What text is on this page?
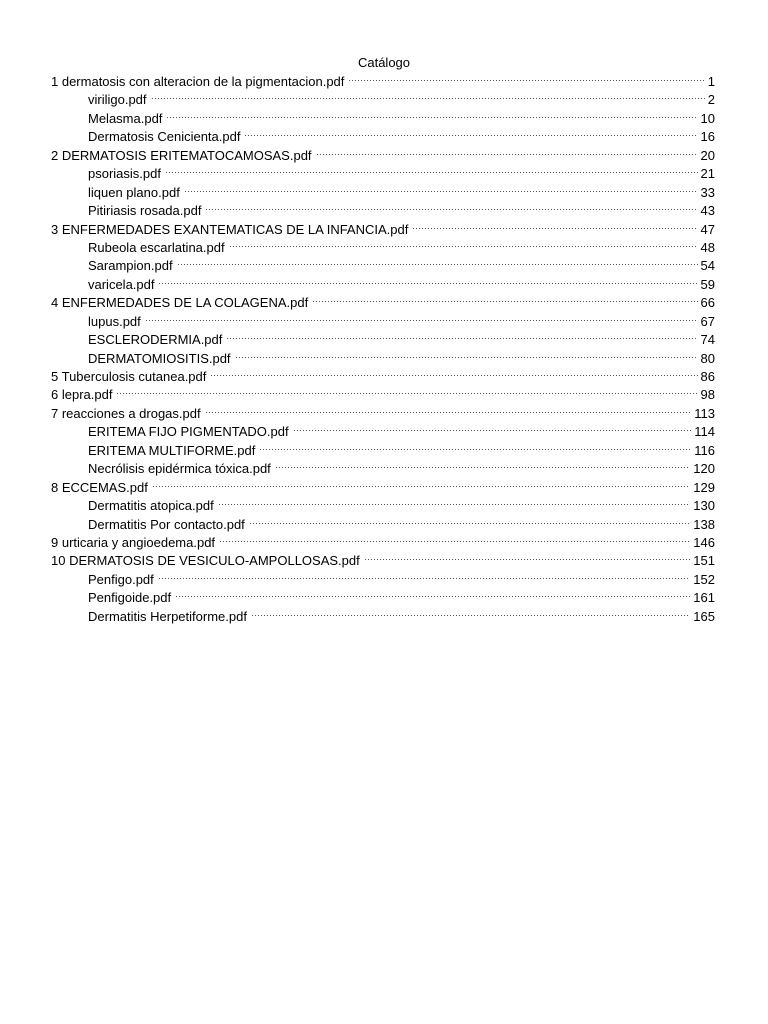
Catálogo
1 dermatosis con alteracion de la pigmentacion.pdf	1
viriligo.pdf	2
Melasma.pdf	10
Dermatosis Cenicienta.pdf	16
2 DERMATOSIS ERITEMATOCAMOSAS.pdf	20
psoriasis.pdf	21
liquen plano.pdf	33
Pitiriasis rosada.pdf	43
3 ENFERMEDADES EXANTEMATICAS DE LA INFANCIA.pdf	47
Rubeola escarlatina.pdf	48
Sarampion.pdf	54
varicela.pdf	59
4 ENFERMEDADES DE LA COLAGENA.pdf	66
lupus.pdf	67
ESCLERODERMIA.pdf	74
DERMATOMIOSITIS.pdf	80
5 Tuberculosis cutanea.pdf	86
6 lepra.pdf	98
7 reacciones a drogas.pdf	113
ERITEMA FIJO PIGMENTADO.pdf	114
ERITEMA MULTIFORME.pdf	116
Necrólisis epidérmica tóxica.pdf	120
8 ECCEMAS.pdf	129
Dermatitis atopica.pdf	130
Dermatitis Por contacto.pdf	138
9 urticaria y angioedema.pdf	146
10 DERMATOSIS DE VESICULO-AMPOLLOSAS.pdf	151
Penfigo.pdf	152
Penfigoide.pdf	161
Dermatitis Herpetiforme.pdf	165
